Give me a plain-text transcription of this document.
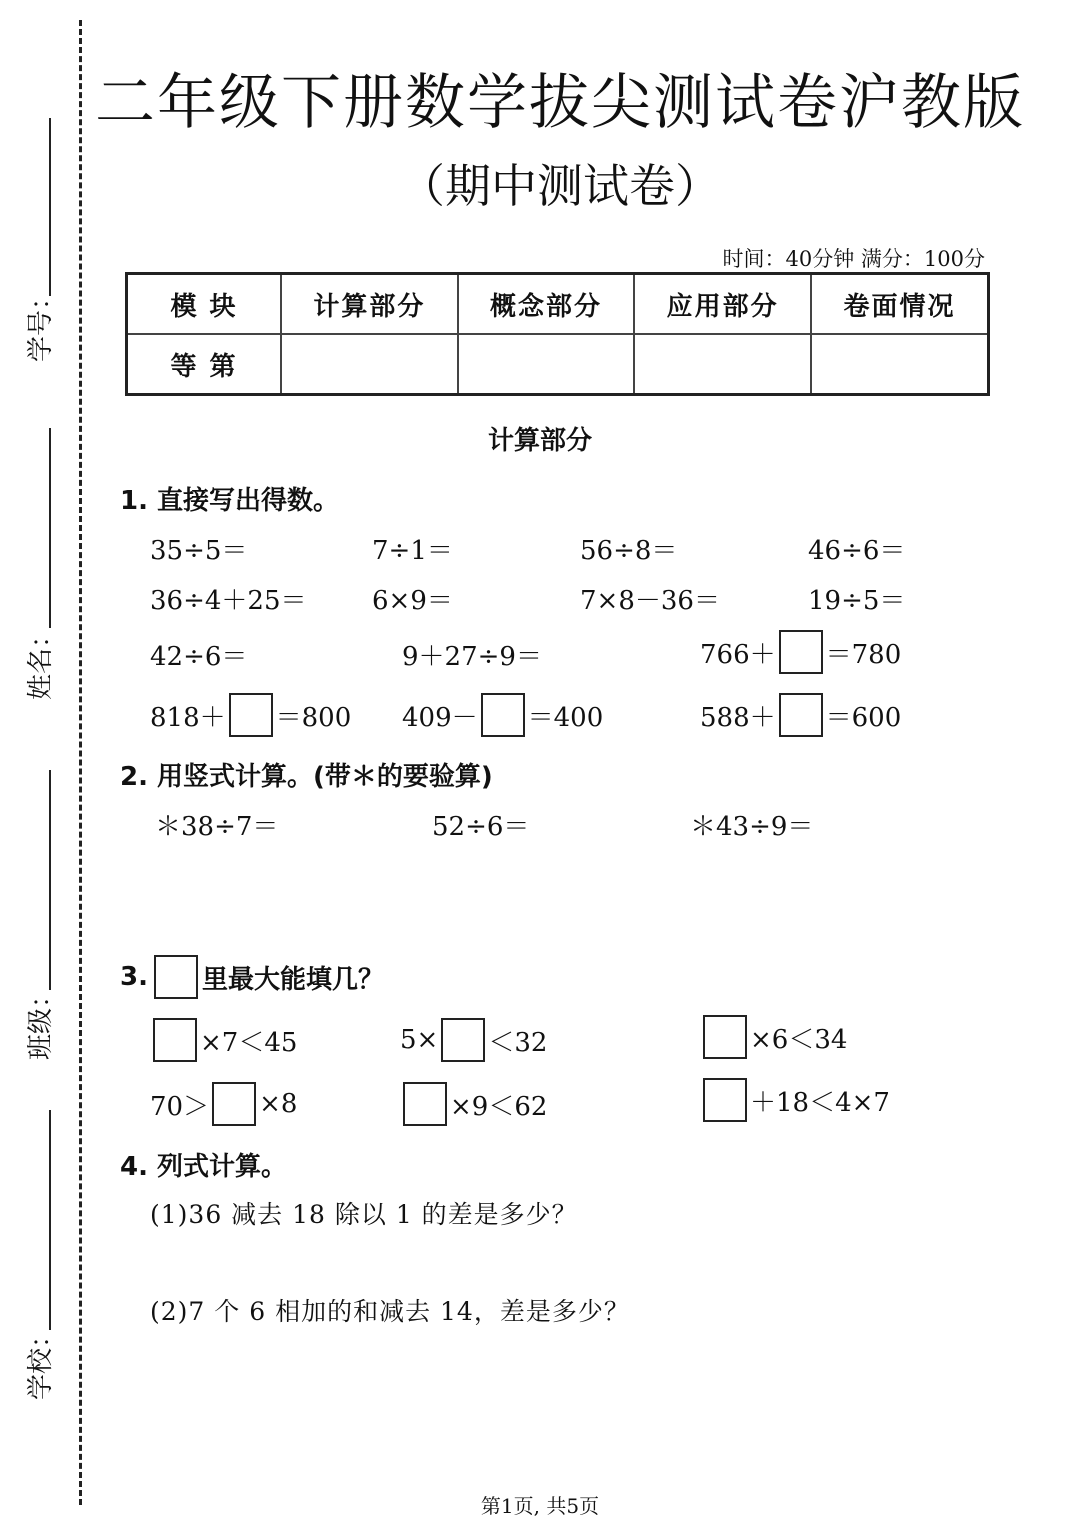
学号：
姓名：
班级：
学校：
二年级下册数学拔尖测试卷沪教版
（期中测试卷）
时间：40分钟 满分：100分
模 块	计算部分	概念部分	应用部分	卷面情况
等 第				
计算部分
1. 直接写出得数。
35÷5＝	7÷1＝	56÷8＝	46÷6＝
36÷4＋25＝	6×9＝	7×8－36＝	19÷5＝
42÷6＝	9＋27÷9＝	766＋ ＝780
818＋ ＝800 409－ ＝400	588＋ ＝600
2. 用竖式计算。(带＊的要验算)
＊38÷7＝	52÷6＝	＊43÷9＝
3. 里最大能填几？
×7＜45	5× ＜32	×6＜34
70＞ ×8	×9＜62	＋18＜4×7
4. 列式计算。
(1)36 减去 18 除以 1 的差是多少？
(2)7 个 6 相加的和减去 14，差是多少？
第1页, 共5页
